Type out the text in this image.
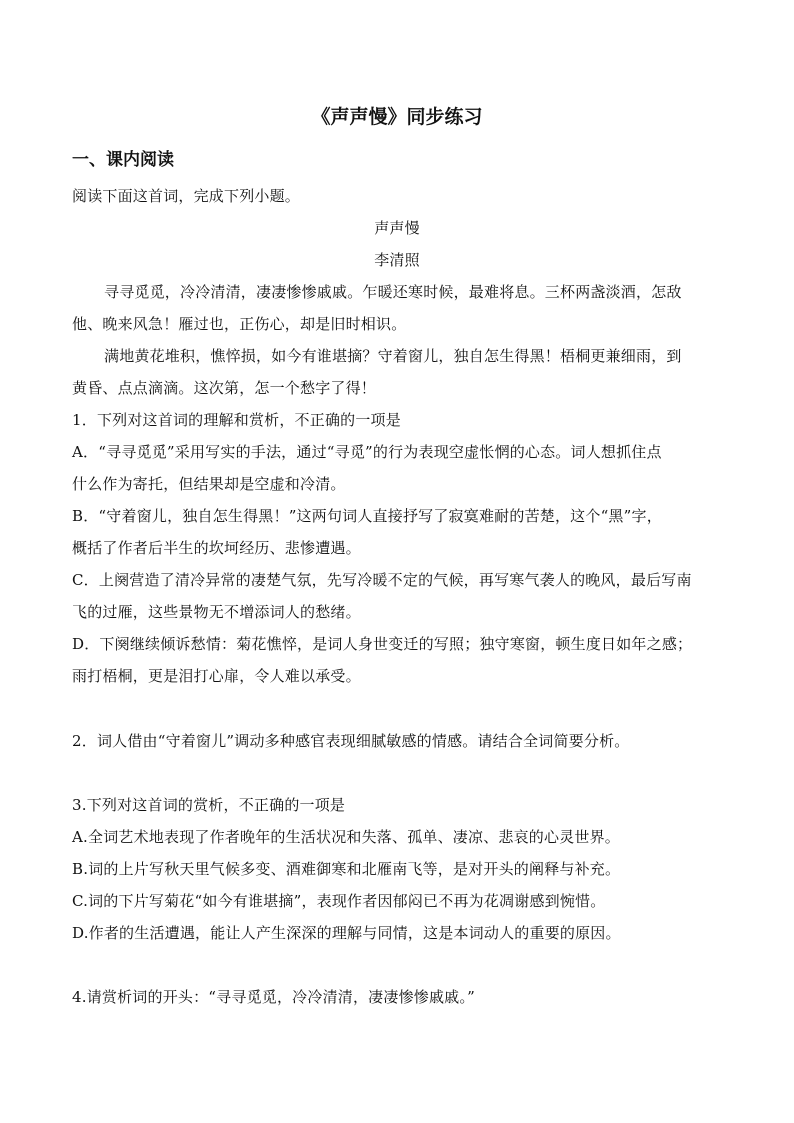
《声声慢》同步练习
一、课内阅读
阅读下面这首词，完成下列小题。
声声慢
李清照
寻寻觅觅，冷冷清清，凄凄惨惨戚戚。乍暖还寒时候，最难将息。三杯两盏淡酒，怎敌
他、晚来风急！雁过也，正伤心，却是旧时相识。
满地黄花堆积，憔悴损，如今有谁堪摘？守着窗儿，独自怎生得黑！梧桐更兼细雨，到
黄昏、点点滴滴。这次第，怎一个愁字了得！
1．下列对这首词的理解和赏析，不正确的一项是
A．“寻寻觅觅”采用写实的手法，通过“寻觅”的行为表现空虚怅惘的心态。词人想抓住点
什么作为寄托，但结果却是空虚和冷清。
B．“守着窗儿，独自怎生得黑！”这两句词人直接抒写了寂寞难耐的苦楚，这个“黑”字，
概括了作者后半生的坎坷经历、悲惨遭遇。
C．上阕营造了清冷异常的凄楚气氛，先写冷暖不定的气候，再写寒气袭人的晚风，最后写南
飞的过雁，这些景物无不增添词人的愁绪。
D．下阕继续倾诉愁情：菊花憔悴，是词人身世变迁的写照；独守寒窗，顿生度日如年之感；
雨打梧桐，更是泪打心扉，令人难以承受。
2．词人借由“守着窗儿”调动多种感官表现细腻敏感的情感。请结合全词简要分析。
3.下列对这首词的赏析，不正确的一项是
A.全词艺术地表现了作者晚年的生活状况和失落、孤单、凄凉、悲哀的心灵世界。
B.词的上片写秋天里气候多变、酒难御寒和北雁南飞等，是对开头的阐释与补充。
C.词的下片写菊花“如今有谁堪摘”，表现作者因郁闷已不再为花凋谢感到惋惜。
D.作者的生活遭遇，能让人产生深深的理解与同情，这是本词动人的重要的原因。
4.请赏析词的开头：“寻寻觅觅，冷冷清清，凄凄惨惨戚戚。”
